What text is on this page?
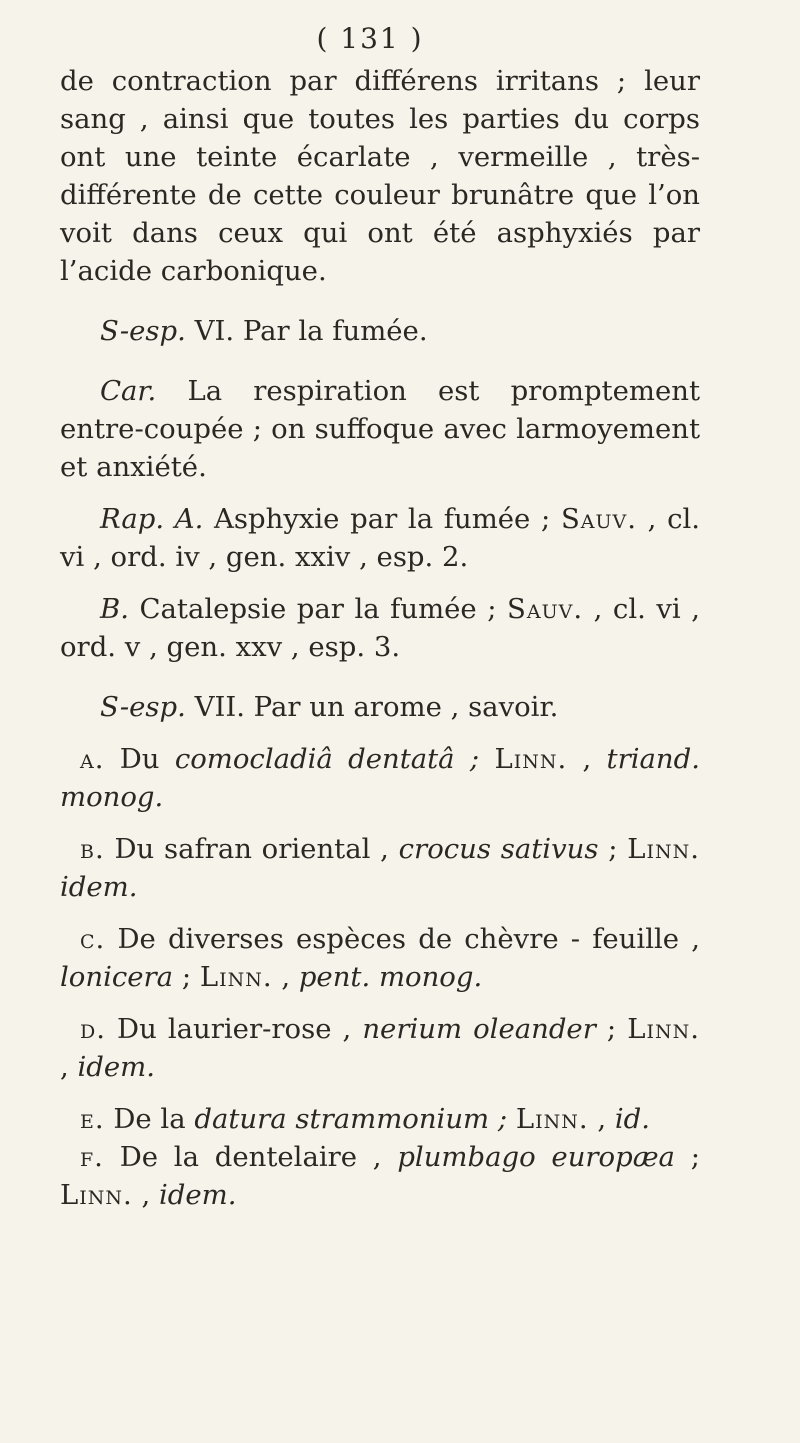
( 131 )

de contraction par différens irritans ; leur sang , ainsi que toutes les parties du corps ont une teinte écarlate , vermeille , très-différente de cette couleur brunâtre que l’on voit dans ceux qui ont été asphyxiés par l’acide carbonique.

S-esp. VI. Par la fumée.

Car. La respiration est promptement entre-coupée ; on suffoque avec larmoyement et anxiété.

Rap. A. Asphyxie par la fumée ; Sauv. , cl. vi , ord. iv , gen. xxiv , esp. 2.

B. Catalepsie par la fumée ; Sauv. , cl. vi , ord. v , gen. xxv , esp. 3.

S-esp. VII. Par un arome , savoir.

a. Du comocladiâ dentatâ ; Linn. , triand. monog.

b. Du safran oriental , crocus sativus ; Linn. idem.

c. De diverses espèces de chèvre - feuille , lonicera ; Linn. , pent. monog.

d. Du laurier-rose , nerium oleander ; Linn. , idem.

e. De la datura strammonium ; Linn. , id.

f. De la dentelaire , plumbago europæa ; Linn. , idem.
